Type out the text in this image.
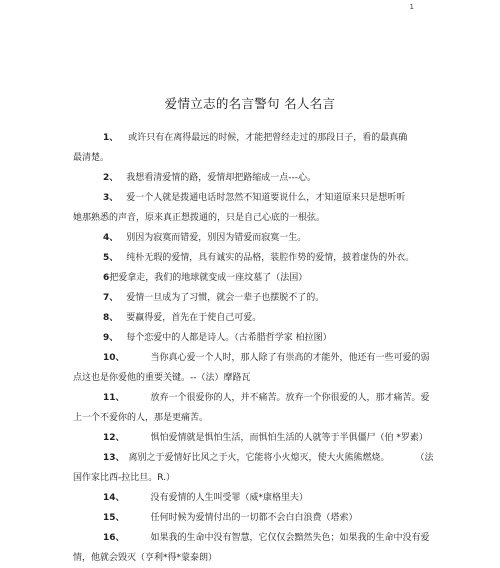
1
爱情立志的名言警句 名人名言
1、 或许只有在离得最远的时候，才能把曾经走过的那段日子，看的最真确
最清楚。
2、 我想看清爱情的路，爱情却把路缩成一点---心。
3、 爱一个人就是拨通电话时忽然不知道要说什么，才知道原来只是想听听
她那熟悉的声音，原来真正想拨通的，只是自己心底的一根弦。
4、 别因为寂寞而错爱，别因为错爱而寂寞一生。
5、 纯朴无瑕的爱情，具有诚实的品格，装腔作势的爱情，披着虚伪的外衣。
6把爱拿走，我们的地球就变成一座坟墓了（法国）
7、 爱情一旦成为了习惯，就会一辈子也摆脱不了的。
8、 要赢得爱，首先在于使自己可爱。
9、 每个恋爱中的人都是诗人。（古希腊哲学家 柏拉图）
10、	当你真心爱一个人时，那人除了有崇高的才能外，他还有一些可爱的弱
点这也是你爱他的重要关键。--（法）摩路瓦
11、	放弃一个很爱你的人，并不痛苦。放弃一个你很爱的人，那才痛苦。爱
上一个不爱你的人，那是更痛苦。
12、	惧怕爱情就是惧怕生活，而惧怕生活的人就等于半俱僵尸（伯 *罗素）
13、 离别之于爱情好比风之于火，它能将小火熄灭，使大火熊熊燃烧。	（法
国作家比西-拉比旦。R.）
14、	没有爱情的人生叫受罪（威*康格里夫）
15、	任何时候为爱情付出的一切都不会白白浪费（塔索）
16、	如果我的生命中没有智慧，它仅仅会黯然失色；如果我的生命中没有爱
情，他就会毁灭（亨利*得*蒙泰朗）
